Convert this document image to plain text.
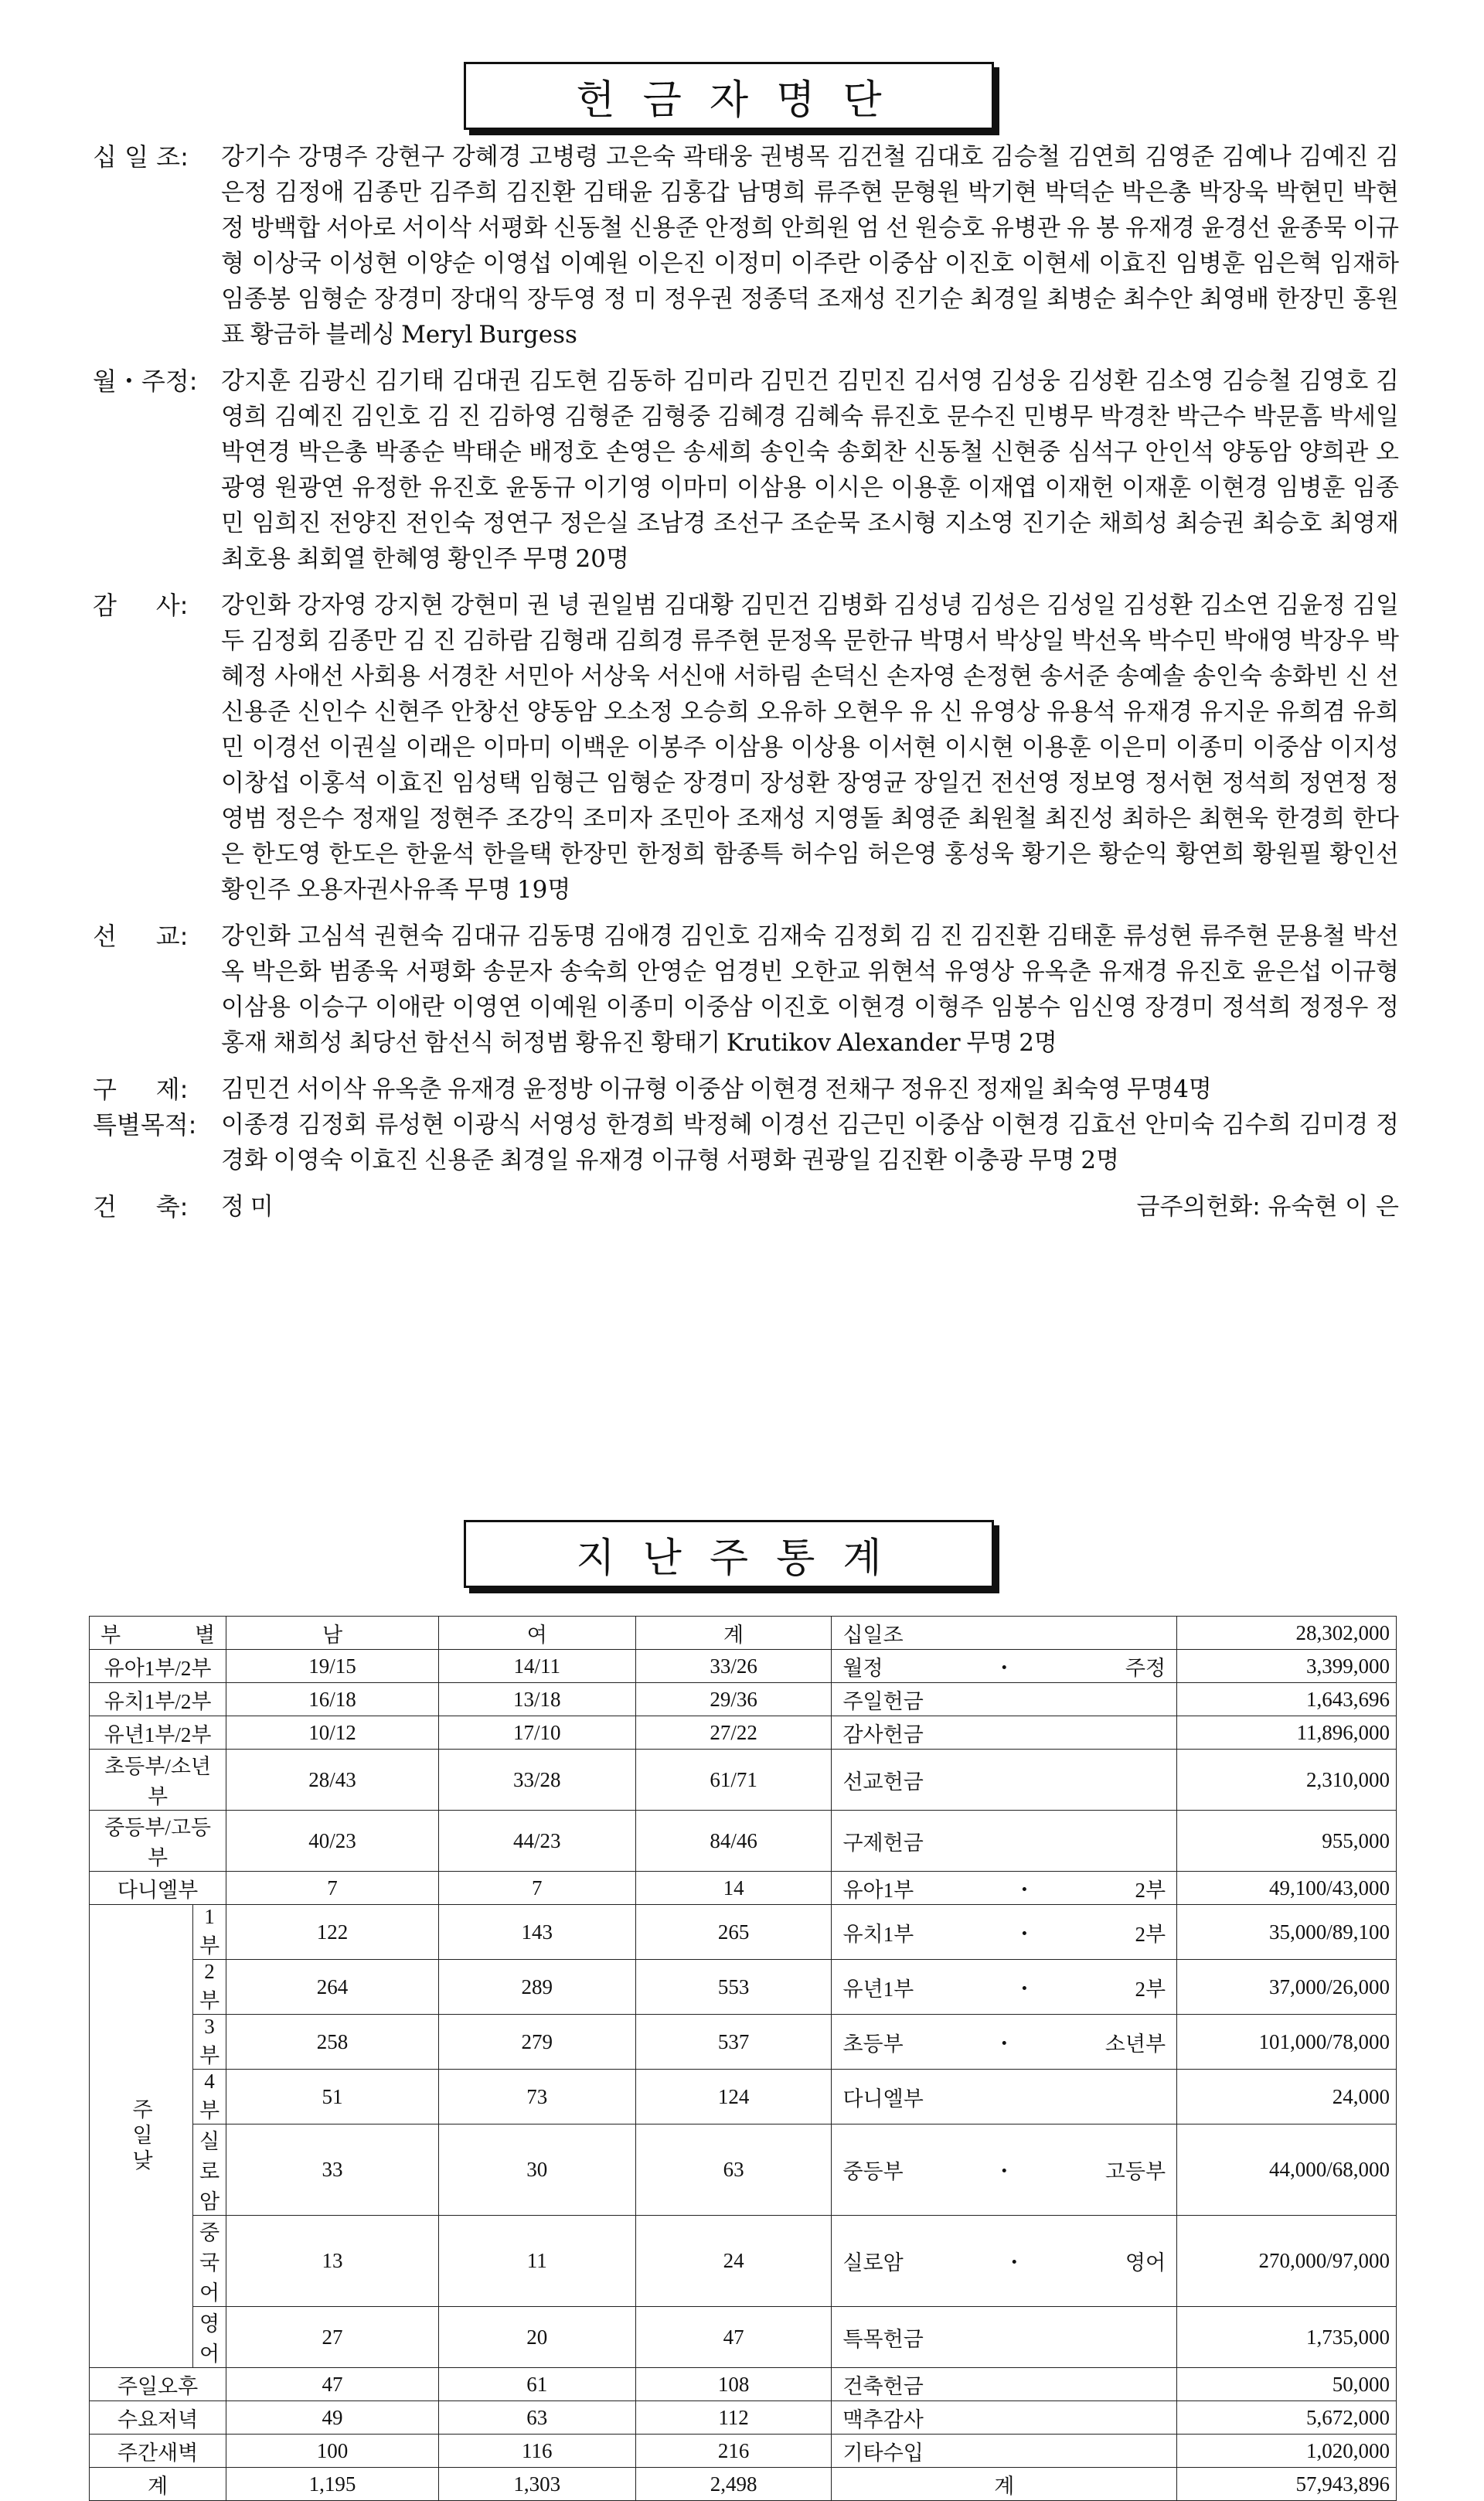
헌금자명단
십 일 조:	강기수 강명주 강현구 강혜경 고병령 고은숙 곽태웅 권병목 김건철 김대호 김승철 김연희 김영준 김예나 김예진 김은정 김정애 김종만 김주희 김진환 김태윤 김홍갑 남명희 류주현 문형원 박기현 박덕순 박은총 박장욱 박현민 박현정 방백합 서아로 서이삭 서평화 신동철 신용준 안정희 안희원 엄 선 원승호 유병관 유 봉 유재경 윤경선 윤종묵 이규형 이상국 이성현 이양순 이영섭 이예원 이은진 이정미 이주란 이중삼 이진호 이현세 이효진 임병훈 임은혁 임재하 임종봉 임형순 장경미 장대익 장두영 정 미 정우권 정종덕 조재성 진기순 최경일 최병순 최수안 최영배 한장민 홍원표 황금하 블레싱 Meryl Burgess
월・주정: 강지훈 김광신 김기태 김대권 김도현 김동하 김미라 김민건 김민진 김서영 김성웅 김성환 김소영 김승철 김영호 김영희 김예진 김인호 김 진 김하영 김형준 김형중 김혜경 김혜숙 류진호 문수진 민병무 박경찬 박근수 박문흠 박세일 박연경 박은총 박종순 박태순 배정호 손영은 송세희 송인숙 송회찬 신동철 신현중 심석구 안인석 양동암 양희관 오광영 원광연 유정한 유진호 윤동규 이기영 이마미 이삼용 이시은 이용훈 이재엽 이재헌 이재훈 이현경 임병훈 임종민 임희진 전양진 전인숙 정연구 정은실 조남경 조선구 조순묵 조시형 지소영 진기순 채희성 최승권 최승호 최영재 최호용 최회열 한혜영 황인주 무명 20명
감     사:	강인화 강자영 강지현 강현미 권 녕 권일범 김대황 김민건 김병화 김성녕 김성은 김성일 김성환 김소연 김윤정 김일두 김정회 김종만 김 진 김하람 김형래 김희경 류주현 문정옥 문한규 박명서 박상일 박선옥 박수민 박애영 박장우 박혜정 사애선 사회용 서경찬 서민아 서상욱 서신애 서하림 손덕신 손자영 손정현 송서준 송예솔 송인숙 송화빈 신 선 신용준 신인수 신현주 안창선 양동암 오소정 오승희 오유하 오현우 유 신 유영상 유용석 유재경 유지운 유희겸 유희민 이경선 이권실 이래은 이마미 이백운 이봉주 이삼용 이상용 이서현 이시현 이용훈 이은미 이종미 이중삼 이지성 이창섭 이홍석 이효진 임성택 임형근 임형순 장경미 장성환 장영균 장일건 전선영 정보영 정서현 정석희 정연정 정영범 정은수 정재일 정현주 조강익 조미자 조민아 조재성 지영돌 최영준 최원철 최진성 최하은 최현욱 한경희 한다은 한도영 한도은 한윤석 한을택 한장민 한정희 함종특 허수임 허은영 홍성욱 황기은 황순익 황연희 황원필 황인선 황인주 오용자권사유족 무명 19명
선     교:	강인화 고심석 권현숙 김대규 김동명 김애경 김인호 김재숙 김정회 김 진 김진환 김태훈 류성현 류주현 문용철 박선옥 박은화 범종욱 서평화 송문자 송숙희 안영순 엄경빈 오한교 위현석 유영상 유옥춘 유재경 유진호 윤은섭 이규형 이삼용 이승구 이애란 이영연 이예원 이종미 이중삼 이진호 이현경 이형주 임봉수 임신영 장경미 정석희 정정우 정홍재 채희성 최당선 함선식 허정범 황유진 황태기 Krutikov Alexander 무명 2명
구     제:	김민건 서이삭 유옥춘 유재경 윤정방 이규형 이중삼 이현경 전채구 정유진 정재일 최숙영 무명4명
특별목적:	이종경 김정회 류성현 이광식 서영성 한경희 박정혜 이경선 김근민 이중삼 이현경 김효선 안미숙 김수희 김미경 정경화 이영숙 이효진 신용준 최경일 유재경 이규형 서평화 권광일 김진환 이충광 무명 2명
건     축:	정 미	금주의헌화: 유숙현 이 은
지난주통계
부 별		남	여	계	십일조	28,302,000
유아1부/2부		19/15	14/11	33/26	월정・주정	3,399,000
유치1부/2부		16/18	13/18	29/36	주일헌금	1,643,696
유년1부/2부		10/12	17/10	27/22	감사헌금	11,896,000
초등부/소년부		28/43	33/28	61/71	선교헌금	2,310,000
중등부/고등부		40/23	44/23	84/46	구제헌금	955,000
다니엘부		7	7	14	유아1부・2부	49,100/43,000
주일낮	1부	122	143	265	유치1부・2부	35,000/89,100
	2부	264	289	553	유년1부・2부	37,000/26,000
	3부	258	279	537	초등부・소년부	101,000/78,000
	4부	51	73	124	다니엘부	24,000
	실로암	33	30	63	중등부・고등부	44,000/68,000
	중국어	13	11	24	실로암・영어	270,000/97,000
	영어	27	20	47	특목헌금	1,735,000
주일오후		47	61	108	건축헌금	50,000
수요저녁		49	63	112	맥추감사	5,672,000
주간새벽		100	116	216	기타수입	1,020,000
계		1,195	1,303	2,498	계	57,943,896
